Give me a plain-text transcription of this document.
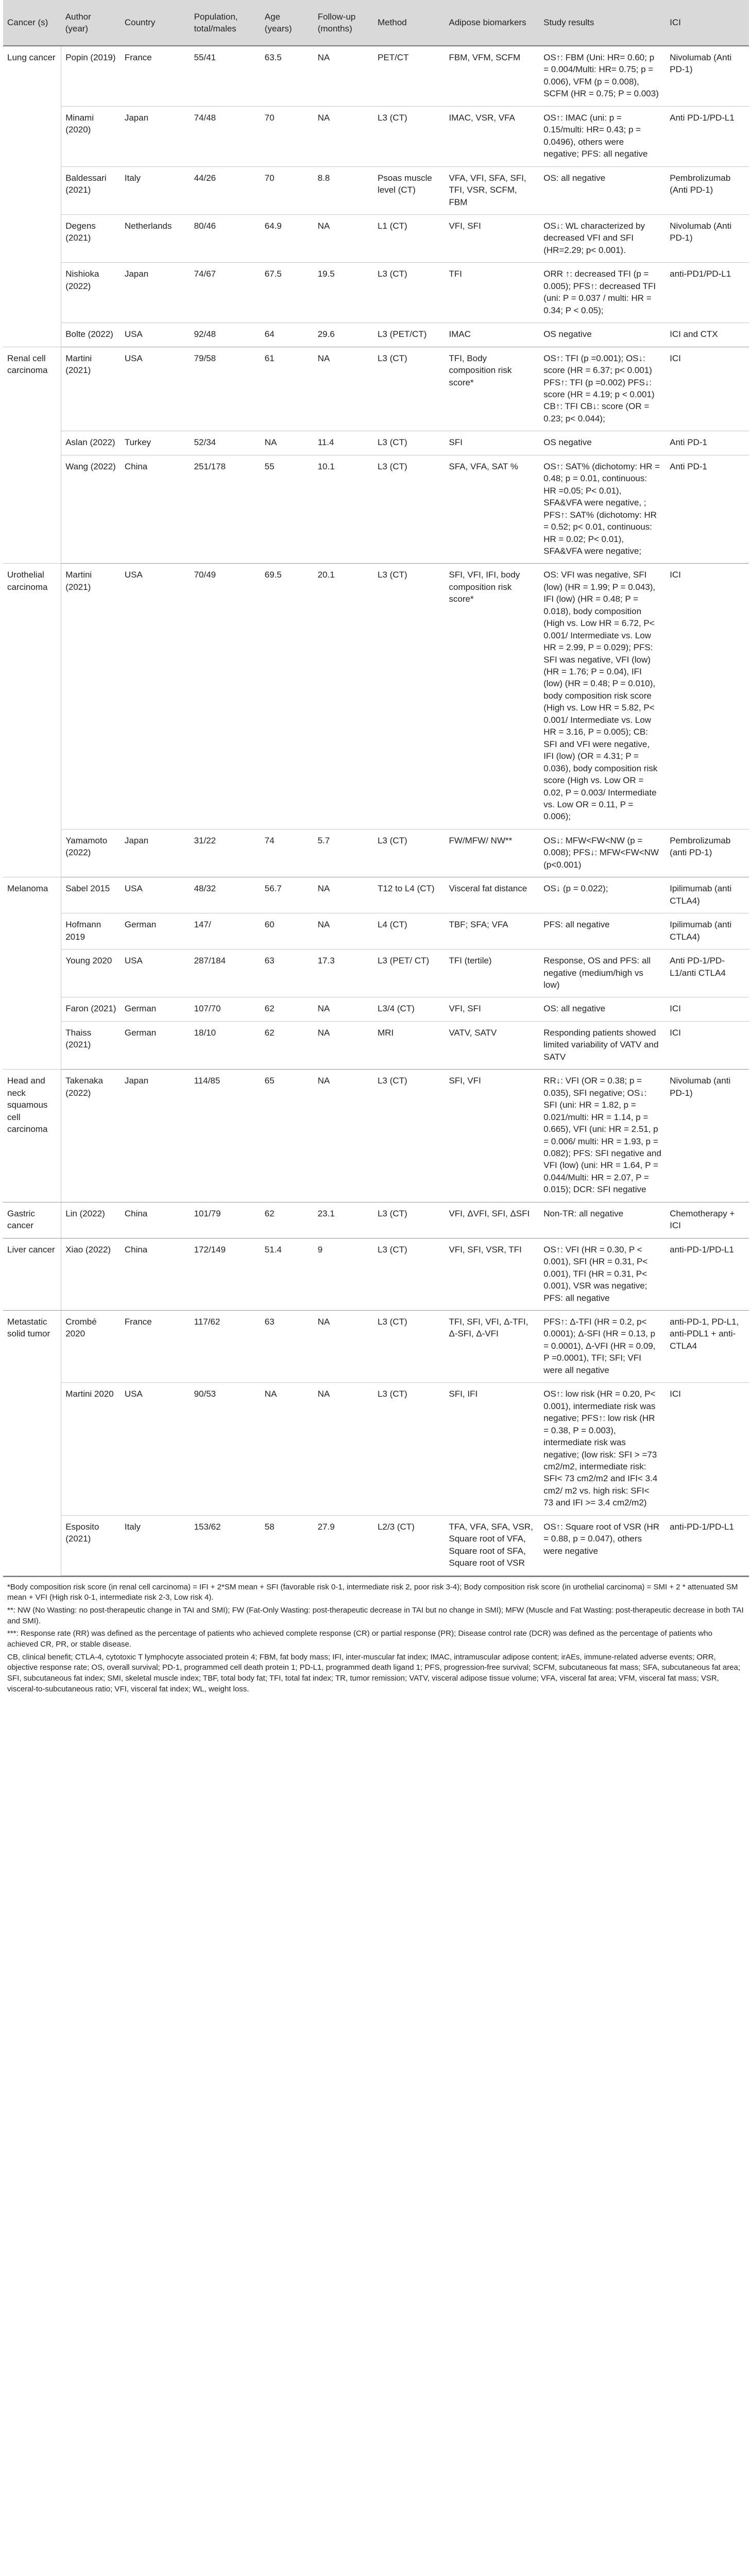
Cancer (s)	Author (year)	Country	Population, total/males	Age (years)	Follow-up (months)	Method	Adipose biomarkers	Study results	ICI
Lung cancer	Popin (2019)	France	55/41	63.5	NA	PET/CT	FBM, VFM, SCFM	OS↑: FBM (Uni: HR= 0.60; p = 0.004/Multi: HR= 0.75; p = 0.006), VFM (p = 0.008), SCFM (HR = 0.75; P = 0.003)	Nivolumab (Anti PD-1)
	Minami (2020)	Japan	74/48	70	NA	L3 (CT)	IMAC, VSR, VFA	OS↑: IMAC (uni: p = 0.15/multi: HR= 0.43; p = 0.0496), others were negative; PFS: all negative	Anti PD-1/PD-L1
	Baldessari (2021)	Italy	44/26	70	8.8	Psoas muscle level (CT)	VFA, VFI, SFA, SFI, TFI, VSR, SCFM, FBM	OS: all negative	Pembrolizumab (Anti PD-1)
	Degens (2021)	Netherlands	80/46	64.9	NA	L1 (CT)	VFI, SFI	OS↓: WL characterized by decreased VFI and SFI (HR=2.29; p< 0.001).	Nivolumab (Anti PD-1)
	Nishioka (2022)	Japan	74/67	67.5	19.5	L3 (CT)	TFI	ORR ↑: decreased TFI (p = 0.005); PFS↑: decreased TFI (uni: P = 0.037 / multi: HR = 0.34; P < 0.05);	anti-PD1/PD-L1
	Bolte (2022)	USA	92/48	64	29.6	L3 (PET/CT)	IMAC	OS negative	ICI and CTX
Renal cell carcinoma	Martini (2021)	USA	79/58	61	NA	L3 (CT)	TFI, Body composition risk score*	OS↑: TFI (p =0.001); OS↓: score (HR = 6.37; p< 0.001) PFS↑: TFI (p =0.002) PFS↓: score (HR = 4.19; p < 0.001) CB↑: TFI CB↓: score (OR = 0.23; p< 0.044);	ICI
	Aslan (2022)	Turkey	52/34	NA	11.4	L3 (CT)	SFI	OS negative	Anti PD-1
	Wang (2022)	China	251/178	55	10.1	L3 (CT)	SFA, VFA, SAT %	OS↑: SAT% (dichotomy: HR = 0.48; p = 0.01, continuous: HR =0.05; P< 0.01), SFA&VFA were negative, ; PFS↑: SAT% (dichotomy: HR = 0.52; p< 0.01, continuous: HR = 0.02; P< 0.01), SFA&VFA were negative;	Anti PD-1
Urothelial carcinoma	Martini (2021)	USA	70/49	69.5	20.1	L3 (CT)	SFI, VFI, IFI, body composition risk score*	OS: VFI was negative, SFI (low) (HR = 1.99; P = 0.043), IFI (low) (HR = 0.48; P = 0.018), body composition (High vs. Low HR = 6.72, P< 0.001/ Intermediate vs. Low HR = 2.99, P = 0.029); PFS: SFI was negative, VFI (low) (HR = 1.76; P = 0.04), IFI (low) (HR = 0.48; P = 0.010), body composition risk score (High vs. Low HR = 5.82, P< 0.001/ Intermediate vs. Low HR = 3.16, P = 0.005); CB: SFI and VFI were negative, IFI (low) (OR = 4.31; P = 0.036), body composition risk score (High vs. Low OR = 0.02, P = 0.003/ Intermediate vs. Low OR = 0.11, P = 0.006);	ICI
	Yamamoto (2022)	Japan	31/22	74	5.7	L3 (CT)	FW/MFW/ NW**	OS↓: MFW<FW<NW (p = 0.008); PFS↓: MFW<FW<NW (p<0.001)	Pembrolizumab (anti PD-1)
Melanoma	Sabel 2015	USA	48/32	56.7	NA	T12 to L4 (CT)	Visceral fat distance	OS↓ (p = 0.022);	Ipilimumab (anti CTLA4)
	Hofmann 2019	German	147/	60	NA	L4 (CT)	TBF; SFA; VFA	PFS: all negative	Ipilimumab (anti CTLA4)
	Young 2020	USA	287/184	63	17.3	L3 (PET/ CT)	TFI (tertile)	Response, OS and PFS: all negative (medium/high vs low)	Anti PD-1/PD-L1/anti CTLA4
	Faron (2021)	German	107/70	62	NA	L3/4 (CT)	VFI, SFI	OS: all negative	ICI
	Thaiss (2021)	German	18/10	62	NA	MRI	VATV, SATV	Responding patients showed limited variability of VATV and SATV	ICI
Head and neck squamous cell carcinoma	Takenaka (2022)	Japan	114/85	65	NA	L3 (CT)	SFI, VFI	RR↓: VFI (OR = 0.38; p = 0.035), SFI negative; OS↓: SFI (uni: HR = 1.82, p = 0.021/multi: HR = 1.14, p = 0.665), VFI (uni: HR = 2.51, p = 0.006/ multi: HR = 1.93, p = 0.082); PFS: SFI negative and VFI (low) (uni: HR = 1.64, P = 0.044/Multi: HR = 2.07, P = 0.015); DCR: SFI negative	Nivolumab (anti PD-1)
Gastric cancer	Lin (2022)	China	101/79	62	23.1	L3 (CT)	VFI, ΔVFI, SFI, ΔSFI	Non-TR: all negative	Chemotherapy + ICI
Liver cancer	Xiao (2022)	China	172/149	51.4	9	L3 (CT)	VFI, SFI, VSR, TFI	OS↑: VFI (HR = 0.30, P < 0.001), SFI (HR = 0.31, P< 0.001), TFI (HR = 0.31, P< 0.001), VSR was negative; PFS: all negative	anti-PD-1/PD-L1
Metastatic solid tumor	Crombé 2020	France	117/62	63	NA	L3 (CT)	TFI, SFI, VFI, Δ-TFI, Δ-SFI, Δ-VFI	PFS↑: Δ-TFI (HR = 0.2, p< 0.0001); Δ-SFI (HR = 0.13, p = 0.0001), Δ-VFI (HR = 0.09, P =0.0001), TFI; SFI; VFI were all negative	anti-PD-1, PD-L1, anti-PDL1 + anti-CTLA4
	Martini 2020	USA	90/53	NA	NA	L3 (CT)	SFI, IFI	OS↑: low risk (HR = 0.20, P< 0.001), intermediate risk was negative; PFS↑: low risk (HR = 0.38, P = 0.003), intermediate risk was negative; (low risk: SFI > =73 cm2/m2, intermediate risk: SFI< 73 cm2/m2 and IFI< 3.4 cm2/ m2 vs. high risk: SFI< 73 and IFI >= 3.4 cm2/m2)	ICI
	Esposito (2021)	Italy	153/62	58	27.9	L2/3 (CT)	TFA, VFA, SFA, VSR, Square root of VFA, Square root of SFA, Square root of VSR	OS↑: Square root of VSR (HR = 0.88, p = 0.047), others were negative	anti-PD-1/PD-L1

*Body composition risk score (in renal cell carcinoma) = IFI + 2*SM mean + SFI (favorable risk 0-1, intermediate risk 2, poor risk 3-4); Body composition risk score (in urothelial carcinoma) = SMI + 2 * attenuated SM mean + VFI (High risk 0-1, intermediate risk 2-3, Low risk 4).

**: NW (No Wasting: no post-therapeutic change in TAI and SMI); FW (Fat-Only Wasting: post-therapeutic decrease in TAI but no change in SMI); MFW (Muscle and Fat Wasting: post-therapeutic decrease in both TAI and SMI).

***: Response rate (RR) was defined as the percentage of patients who achieved complete response (CR) or partial response (PR); Disease control rate (DCR) was defined as the percentage of patients who achieved CR, PR, or stable disease.

CB, clinical benefit; CTLA-4, cytotoxic T lymphocyte associated protein 4; FBM, fat body mass; IFI, inter-muscular fat index; IMAC, intramuscular adipose content; irAEs, immune-related adverse events; ORR, objective response rate; OS, overall survival; PD-1, programmed cell death protein 1; PD-L1, programmed death ligand 1; PFS, progression-free survival; SCFM, subcutaneous fat mass; SFA, subcutaneous fat area; SFI, subcutaneous fat index; SMI, skeletal muscle index; TBF, total body fat; TFI, total fat index; TR, tumor remission; VATV, visceral adipose tissue volume; VFA, visceral fat area; VFM, visceral fat mass; VSR, visceral-to-subcutaneous ratio; VFI, visceral fat index; WL, weight loss.
